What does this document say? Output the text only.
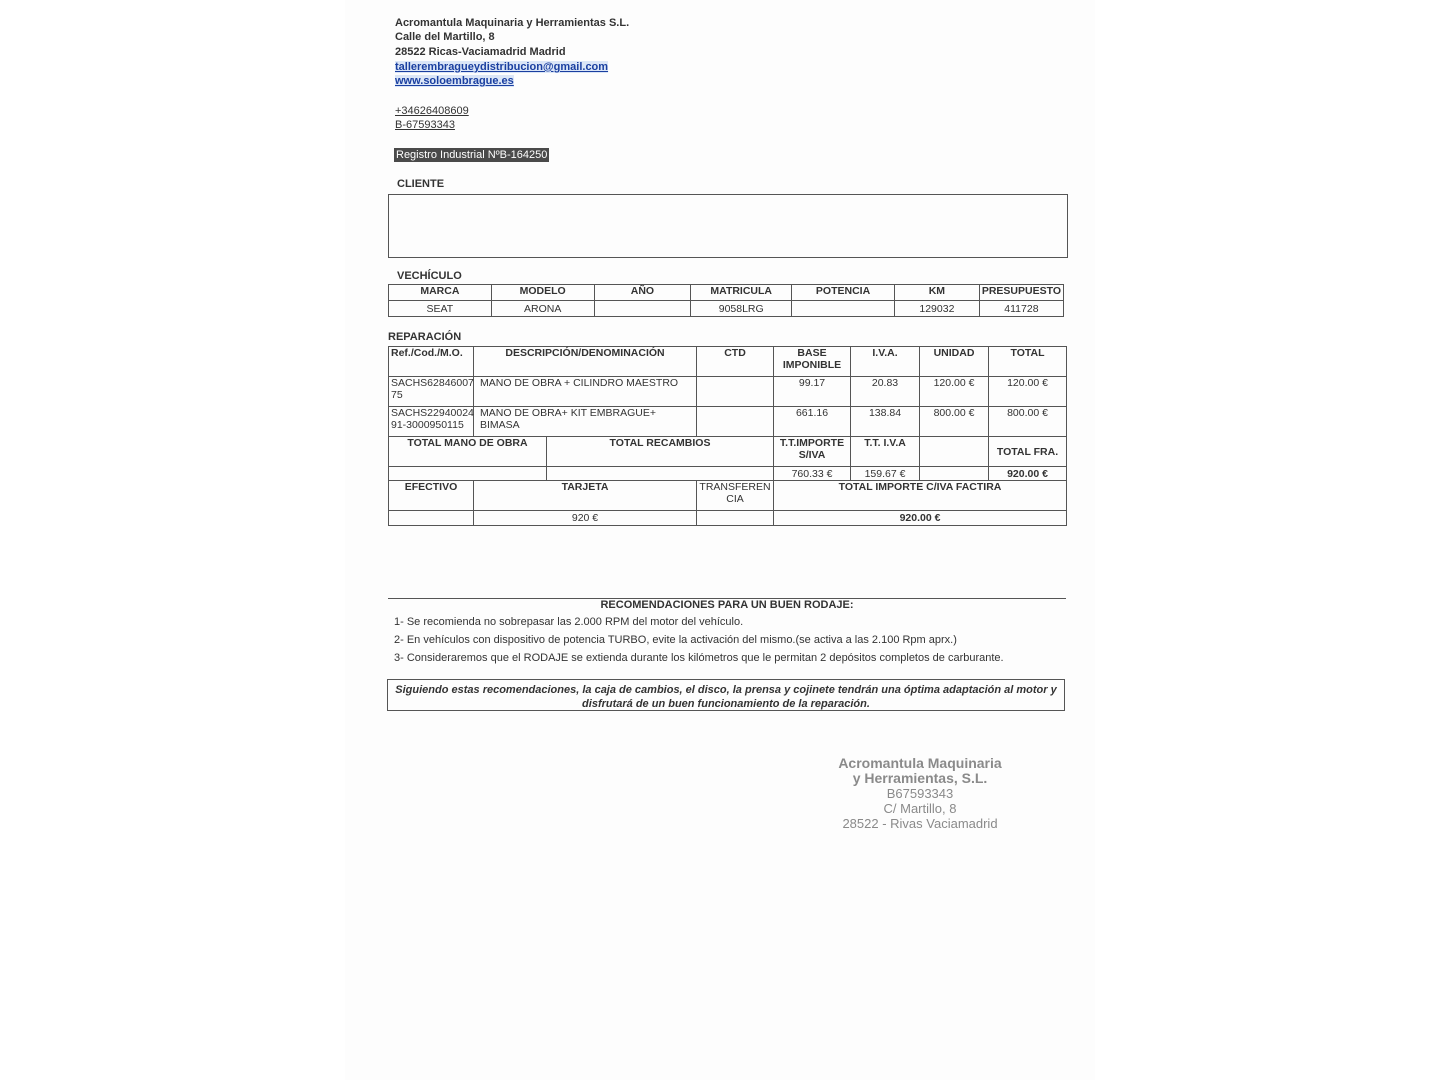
Acromantula Maquinaria y Herramientas S.L.
Calle del Martillo, 8
28522 Ricas-Vaciamadrid Madrid
tallerembragueydistribucion@gmail.com
www.soloembrague.es
+34626408609
B-67593343
Registro Industrial NºB-164250
CLIENTE
VECHÍCULO
MARCA	MODELO	AÑO	MATRICULA	POTENCIA	KM	PRESUPUESTO
SEAT	ARONA		9058LRG		129032	411728
REPARACIÓN
Ref./Cod./M.O.	DESCRIPCIÓN/DENOMINACIÓN		CTD	BASE IMPONIBLE	I.V.A.	UNIDAD	TOTAL
SACHS62846007 75	MANO DE OBRA + CILINDRO MAESTRO			99.17	20.83	120.00 €	120.00 €
SACHS22940024 91-3000950115	MANO DE OBRA+ KIT EMBRAGUE+ BIMASA			661.16	138.84	800.00 €	800.00 €
TOTAL MANO DE OBRA		TOTAL RECAMBIOS		T.T.IMPORTE S/IVA	T.T. I.V.A		TOTAL FRA.
				760.33 €	159.67 €		920.00 €
EFECTIVO	TARJETA		TRANSFERENCIA	TOTAL IMPORTE C/IVA FACTIRA			
	920 €			920.00 €			
RECOMENDACIONES PARA UN BUEN RODAJE:
1- Se recomienda no sobrepasar las 2.000 RPM del motor del vehículo.
2- En vehículos con dispositivo de potencia TURBO, evite la activación del mismo.(se activa a las 2.100 Rpm aprx.)
3- Consideraremos que el RODAJE se extienda durante los kilómetros que le permitan 2 depósitos completos de carburante.
Siguiendo estas recomendaciones, la caja de cambios, el disco, la prensa y cojinete tendrán una óptima adaptación al motor y disfrutará de un buen funcionamiento de la reparación.
Acromantula Maquinaria
y Herramientas, S.L.
B67593343
C/ Martillo, 8
28522 - Rivas Vaciamadrid
